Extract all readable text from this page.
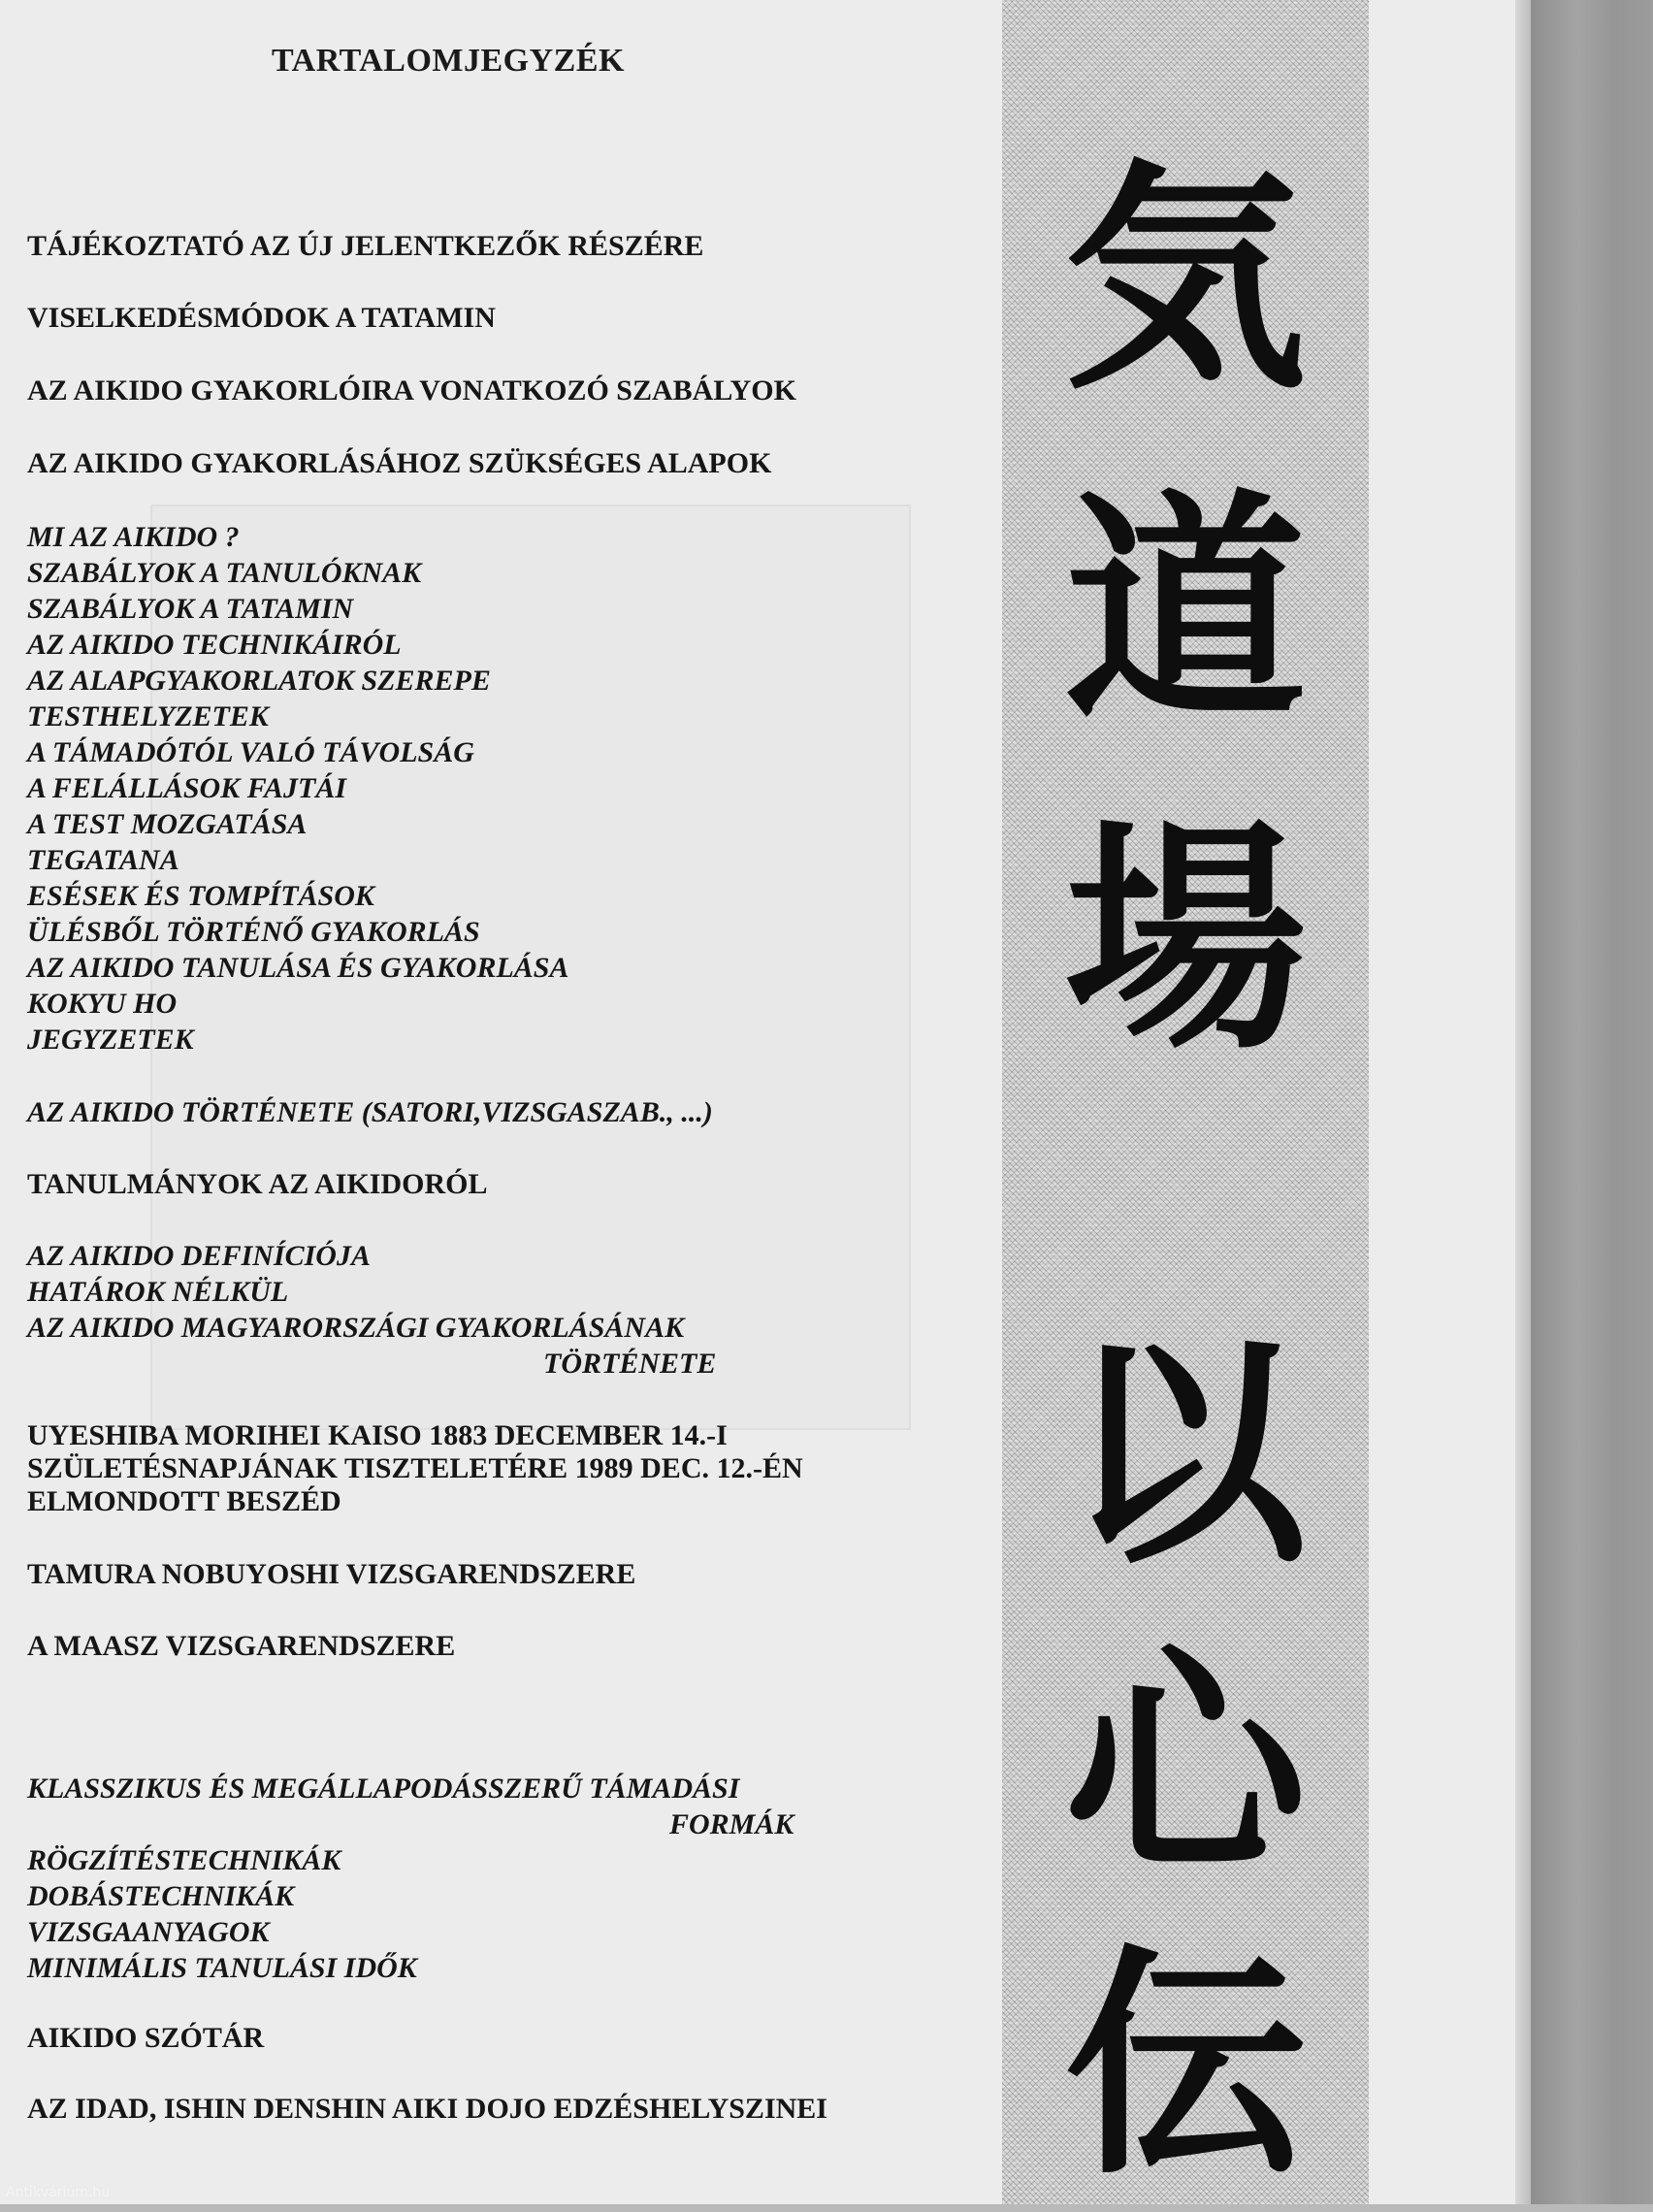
TARTALOMJEGYZÉK
TÁJÉKOZTATÓ AZ ÚJ JELENTKEZŐK RÉSZÉRE
VISELKEDÉSMÓDOK A TATAMIN
AZ AIKIDO GYAKORLÓIRA VONATKOZÓ SZABÁLYOK
AZ AIKIDO GYAKORLÁSÁHOZ SZÜKSÉGES ALAPOK
MI AZ AIKIDO ?
SZABÁLYOK A TANULÓKNAK
SZABÁLYOK A TATAMIN
AZ AIKIDO TECHNIKÁIRÓL
AZ ALAPGYAKORLATOK SZEREPE
TESTHELYZETEK
A TÁMADÓTÓL VALÓ TÁVOLSÁG
A FELÁLLÁSOK FAJTÁI
A TEST MOZGATÁSA
TEGATANA
ESÉSEK ÉS TOMPÍTÁSOK
ÜLÉSBŐL TÖRTÉNŐ GYAKORLÁS
AZ AIKIDO TANULÁSA ÉS GYAKORLÁSA
KOKYU HO
JEGYZETEK
AZ AIKIDO TÖRTÉNETE (SATORI,VIZSGASZAB., ...)
TANULMÁNYOK AZ AIKIDORÓL
AZ AIKIDO DEFINÍCIÓJA
HATÁROK NÉLKÜL
AZ AIKIDO MAGYARORSZÁGI GYAKORLÁSÁNAK
TÖRTÉNETE
UYESHIBA MORIHEI KAISO 1883 DECEMBER 14.-I
SZÜLETÉSNAPJÁNAK TISZTELETÉRE 1989 DEC. 12.-ÉN
ELMONDOTT BESZÉD
TAMURA NOBUYOSHI VIZSGARENDSZERE
A MAASZ VIZSGARENDSZERE
KLASSZIKUS ÉS MEGÁLLAPODÁSSZERŰ TÁMADÁSI
FORMÁK
RÖGZÍTÉSTECHNIKÁK
DOBÁSTECHNIKÁK
VIZSGAANYAGOK
MINIMÁLIS TANULÁSI IDŐK
AIKIDO SZÓTÁR
AZ IDAD, ISHIN DENSHIN AIKI DOJO EDZÉSHELYSZINEI
気
道
場
以
心
伝
Antikvárium.hu
